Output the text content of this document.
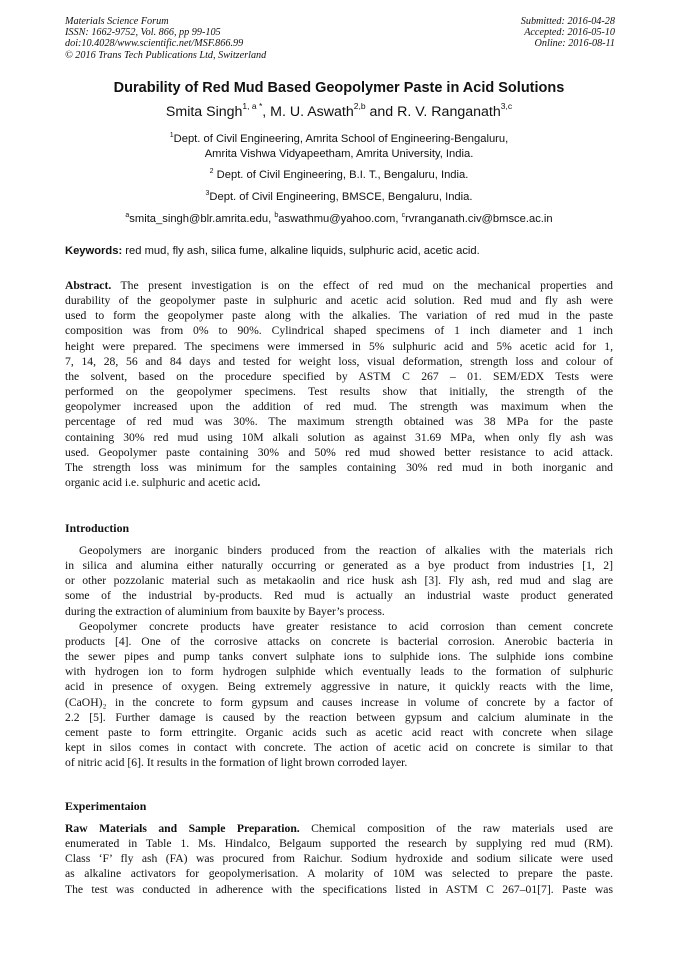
Materials Science Forum
ISSN: 1662-9752, Vol. 866, pp 99-105
doi:10.4028/www.scientific.net/MSF.866.99
© 2016 Trans Tech Publications Ltd, Switzerland
Submitted: 2016-04-28
Accepted: 2016-05-10
Online: 2016-08-11
Durability of Red Mud Based Geopolymer Paste in Acid Solutions
Smita Singh$^{1, a *}$, M. U. Aswath$^{2,b}$ and R. V. Ranganath$^{3,c}$
$^1$Dept. of Civil Engineering, Amrita School of Engineering-Bengaluru,
Amrita Vishwa Vidyapeetham, Amrita University, India.
$^2$ Dept. of Civil Engineering, B.I. T., Bengaluru, India.
$^3$Dept. of Civil Engineering, BMSCE, Bengaluru, India.
$^a$smita_singh@blr.amrita.edu, $^b$aswathmu@yahoo.com, $^c$rvranganath.civ@bmsce.ac.in
Keywords: red mud, fly ash, silica fume, alkaline liquids, sulphuric acid, acetic acid.
Abstract. The present investigation is on the effect of red mud on the mechanical properties and
durability of the geopolymer paste in sulphuric and acetic acid solution. Red mud and fly ash were
used to form the geopolymer paste along with the alkalies. The variation of red mud in the paste
composition was from 0% to 90%. Cylindrical shaped specimens of 1 inch diameter and 1 inch
height were prepared. The specimens were immersed in 5% sulphuric acid and 5% acetic acid for 1,
7, 14, 28, 56 and 84 days and tested for weight loss, visual deformation, strength loss and colour of
the solvent, based on the procedure specified by ASTM C 267 – 01. SEM/EDX Tests were
performed on the geopolymer specimens. Test results show that initially, the strength of the
geopolymer increased upon the addition of red mud. The strength was maximum when the
percentage of red mud was 30%. The maximum strength obtained was 38 MPa for the paste
containing 30% red mud using 10M alkali solution as against 31.69 MPa, when only fly ash was
used. Geopolymer paste containing 30% and 50% red mud showed better resistance to acid attack.
The strength loss was minimum for the samples containing 30% red mud in both inorganic and
organic acid i.e. sulphuric and acetic acid.
Introduction
Geopolymers are inorganic binders produced from the reaction of alkalies with the materials rich
in silica and alumina either naturally occurring or generated as a bye product from industries [1, 2]
or other pozzolanic material such as metakaolin and rice husk ash [3]. Fly ash, red mud and slag are
some of the industrial by-products. Red mud is actually an industrial waste product generated
during the extraction of aluminium from bauxite by Bayer’s process.
Geopolymer concrete products have greater resistance to acid corrosion than cement concrete
products [4]. One of the corrosive attacks on concrete is bacterial corrosion. Anerobic bacteria in
the sewer pipes and pump tanks convert sulphate ions to sulphide ions. The sulphide ions combine
with hydrogen ion to form hydrogen sulphide which eventually leads to the formation of sulphuric
acid in presence of oxygen. Being extremely aggressive in nature, it quickly reacts with the lime,
(CaOH)₂ in the concrete to form gypsum and causes increase in volume of concrete by a factor of
2.2 [5]. Further damage is caused by the reaction between gypsum and calcium aluminate in the
cement paste to form ettringite. Organic acids such as acetic acid react with concrete when silage
kept in silos comes in contact with concrete. The action of acetic acid on concrete is similar to that
of nitric acid [6]. It results in the formation of light brown corroded layer.
Experimentaion
Raw Materials and Sample Preparation. Chemical composition of the raw materials used are
enumerated in Table 1. Ms. Hindalco, Belgaum supported the research by supplying red mud (RM).
Class ‘F’ fly ash (FA) was procured from Raichur. Sodium hydroxide and sodium silicate were used
as alkaline activators for geopolymerisation. A molarity of 10M was selected to prepare the paste.
The test was conducted in adherence with the specifications listed in ASTM C 267–01[7]. Paste was
